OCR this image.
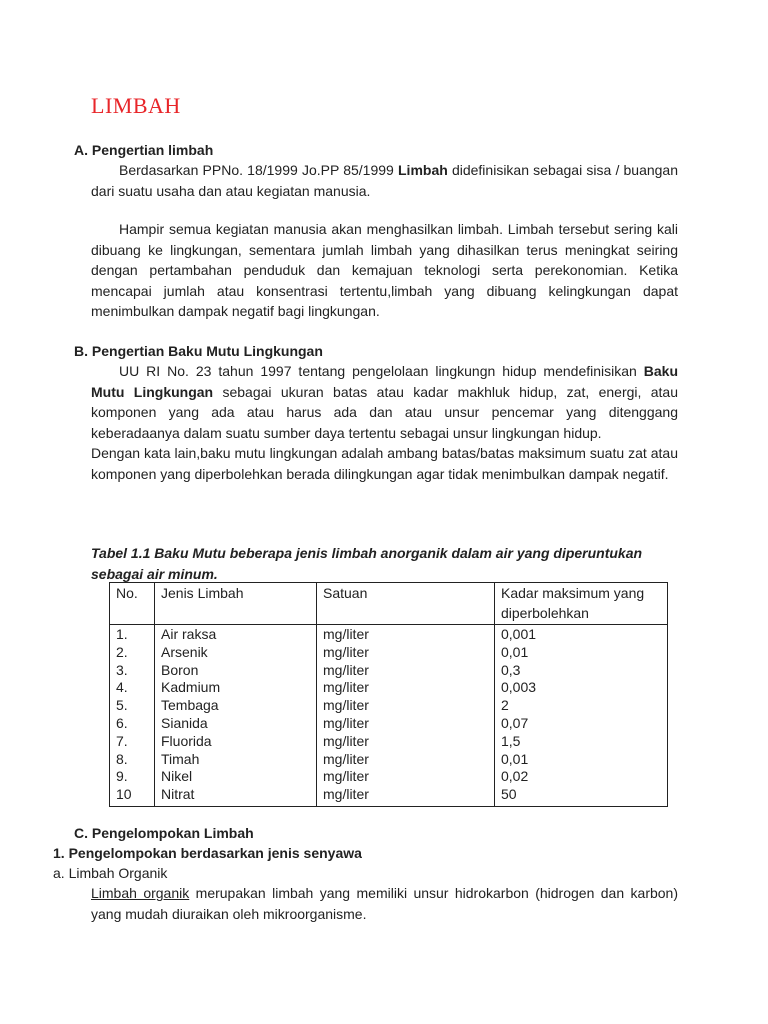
LIMBAH
A. Pengertian limbah

Berdasarkan PPNo. 18/1999 Jo.PP 85/1999 Limbah didefinisikan sebagai sisa / buangan dari suatu usaha dan atau kegiatan manusia.

Hampir semua kegiatan manusia akan menghasilkan limbah. Limbah tersebut sering kali dibuang ke lingkungan, sementara jumlah limbah yang dihasilkan terus meningkat seiring dengan pertambahan penduduk dan kemajuan teknologi serta perekonomian. Ketika mencapai jumlah atau konsentrasi tertentu,limbah yang dibuang kelingkungan dapat menimbulkan dampak negatif bagi lingkungan.

B. Pengertian Baku Mutu Lingkungan

UU RI No. 23 tahun 1997 tentang pengelolaan lingkungn hidup mendefinisikan Baku Mutu Lingkungan sebagai ukuran batas atau kadar makhluk hidup, zat, energi, atau komponen yang ada atau harus ada dan atau unsur pencemar yang ditenggang keberadaanya dalam suatu sumber daya tertentu sebagai unsur lingkungan hidup.

Dengan kata lain,baku mutu lingkungan adalah ambang batas/batas maksimum suatu zat atau komponen yang diperbolehkan berada dilingkungan agar tidak menimbulkan dampak negatif.

Tabel 1.1 Baku Mutu beberapa jenis limbah anorganik dalam air yang diperuntukan sebagai air minum.
No.	Jenis Limbah	Satuan	Kadar maksimum yang diperbolehkan
1.	Air raksa	mg/liter	0,001
2.	Arsenik	mg/liter	0,01
3.	Boron	mg/liter	0,3
4.	Kadmium	mg/liter	0,003
5.	Tembaga	mg/liter	2
6.	Sianida	mg/liter	0,07
7.	Fluorida	mg/liter	1,5
8.	Timah	mg/liter	0,01
9.	Nikel	mg/liter	0,02
10	Nitrat	mg/liter	50
C. Pengelompokan Limbah
1. Pengelompokan berdasarkan jenis senyawa
a. Limbah Organik

Limbah organik merupakan limbah yang memiliki unsur hidrokarbon (hidrogen dan karbon) yang mudah diuraikan oleh mikroorganisme.
